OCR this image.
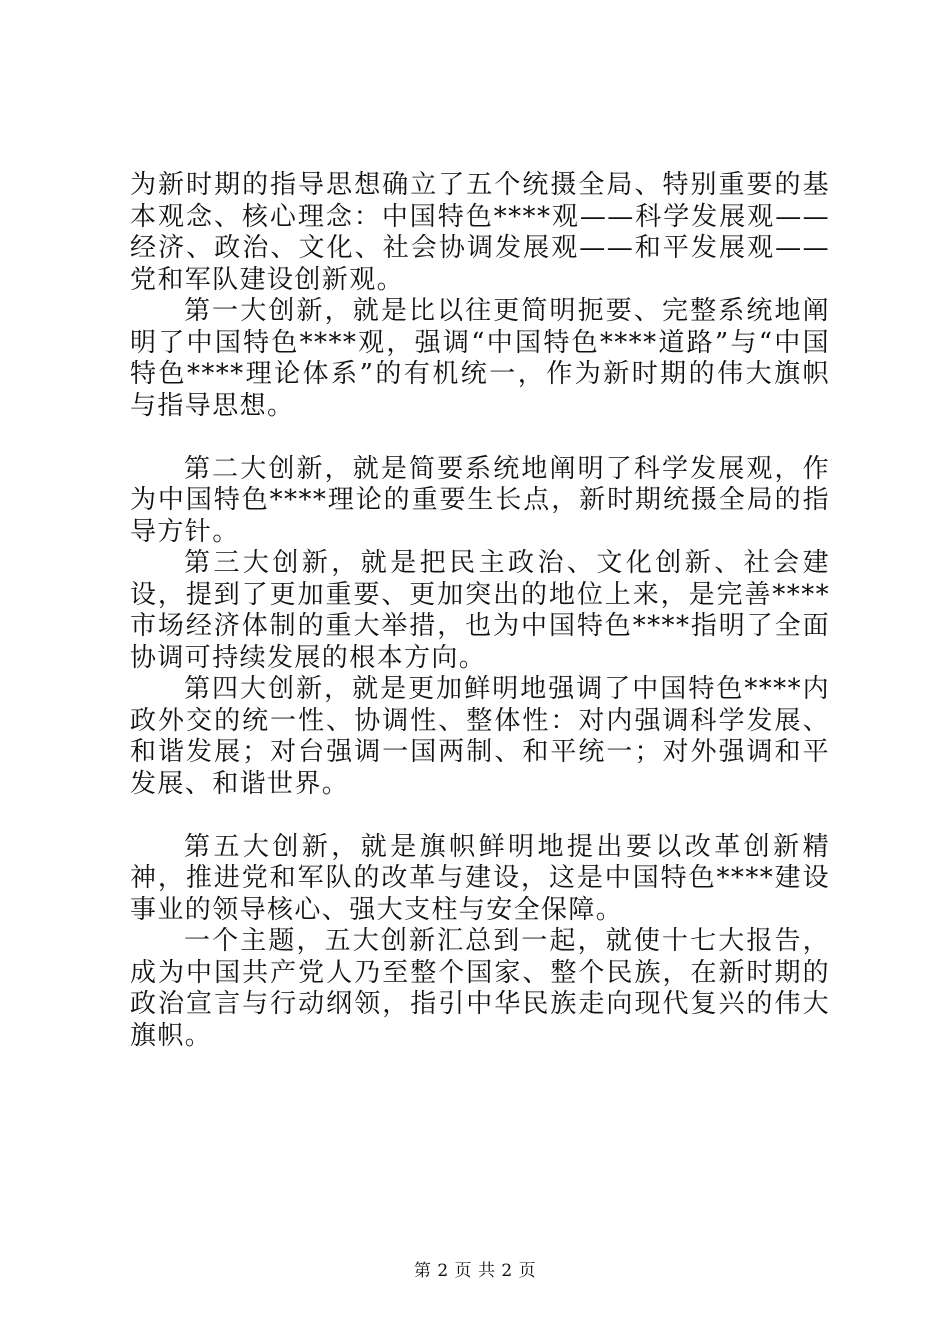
为新时期的指导思想确立了五个统摄全局、特别重要的基本观念、核心理念：中国特色****观——科学发展观——经济、政治、文化、社会协调发展观——和平发展观——党和军队建设创新观。

第一大创新，就是比以往更简明扼要、完整系统地阐明了中国特色****观，强调“中国特色****道路”与“中国特色****理论体系”的有机统一，作为新时期的伟大旗帜与指导思想。

第二大创新，就是简要系统地阐明了科学发展观，作为中国特色****理论的重要生长点，新时期统摄全局的指导方针。

第三大创新，就是把民主政治、文化创新、社会建设，提到了更加重要、更加突出的地位上来，是完善****市场经济体制的重大举措，也为中国特色****指明了全面协调可持续发展的根本方向。

第四大创新，就是更加鲜明地强调了中国特色****内政外交的统一性、协调性、整体性：对内强调科学发展、和谐发展；对台强调一国两制、和平统一；对外强调和平发展、和谐世界。

第五大创新，就是旗帜鲜明地提出要以改革创新精神，推进党和军队的改革与建设，这是中国特色****建设事业的领导核心、强大支柱与安全保障。

一个主题，五大创新汇总到一起，就使十七大报告，成为中国共产党人乃至整个国家、整个民族，在新时期的政治宣言与行动纲领，指引中华民族走向现代复兴的伟大旗帜。

第 2 页 共 2 页
